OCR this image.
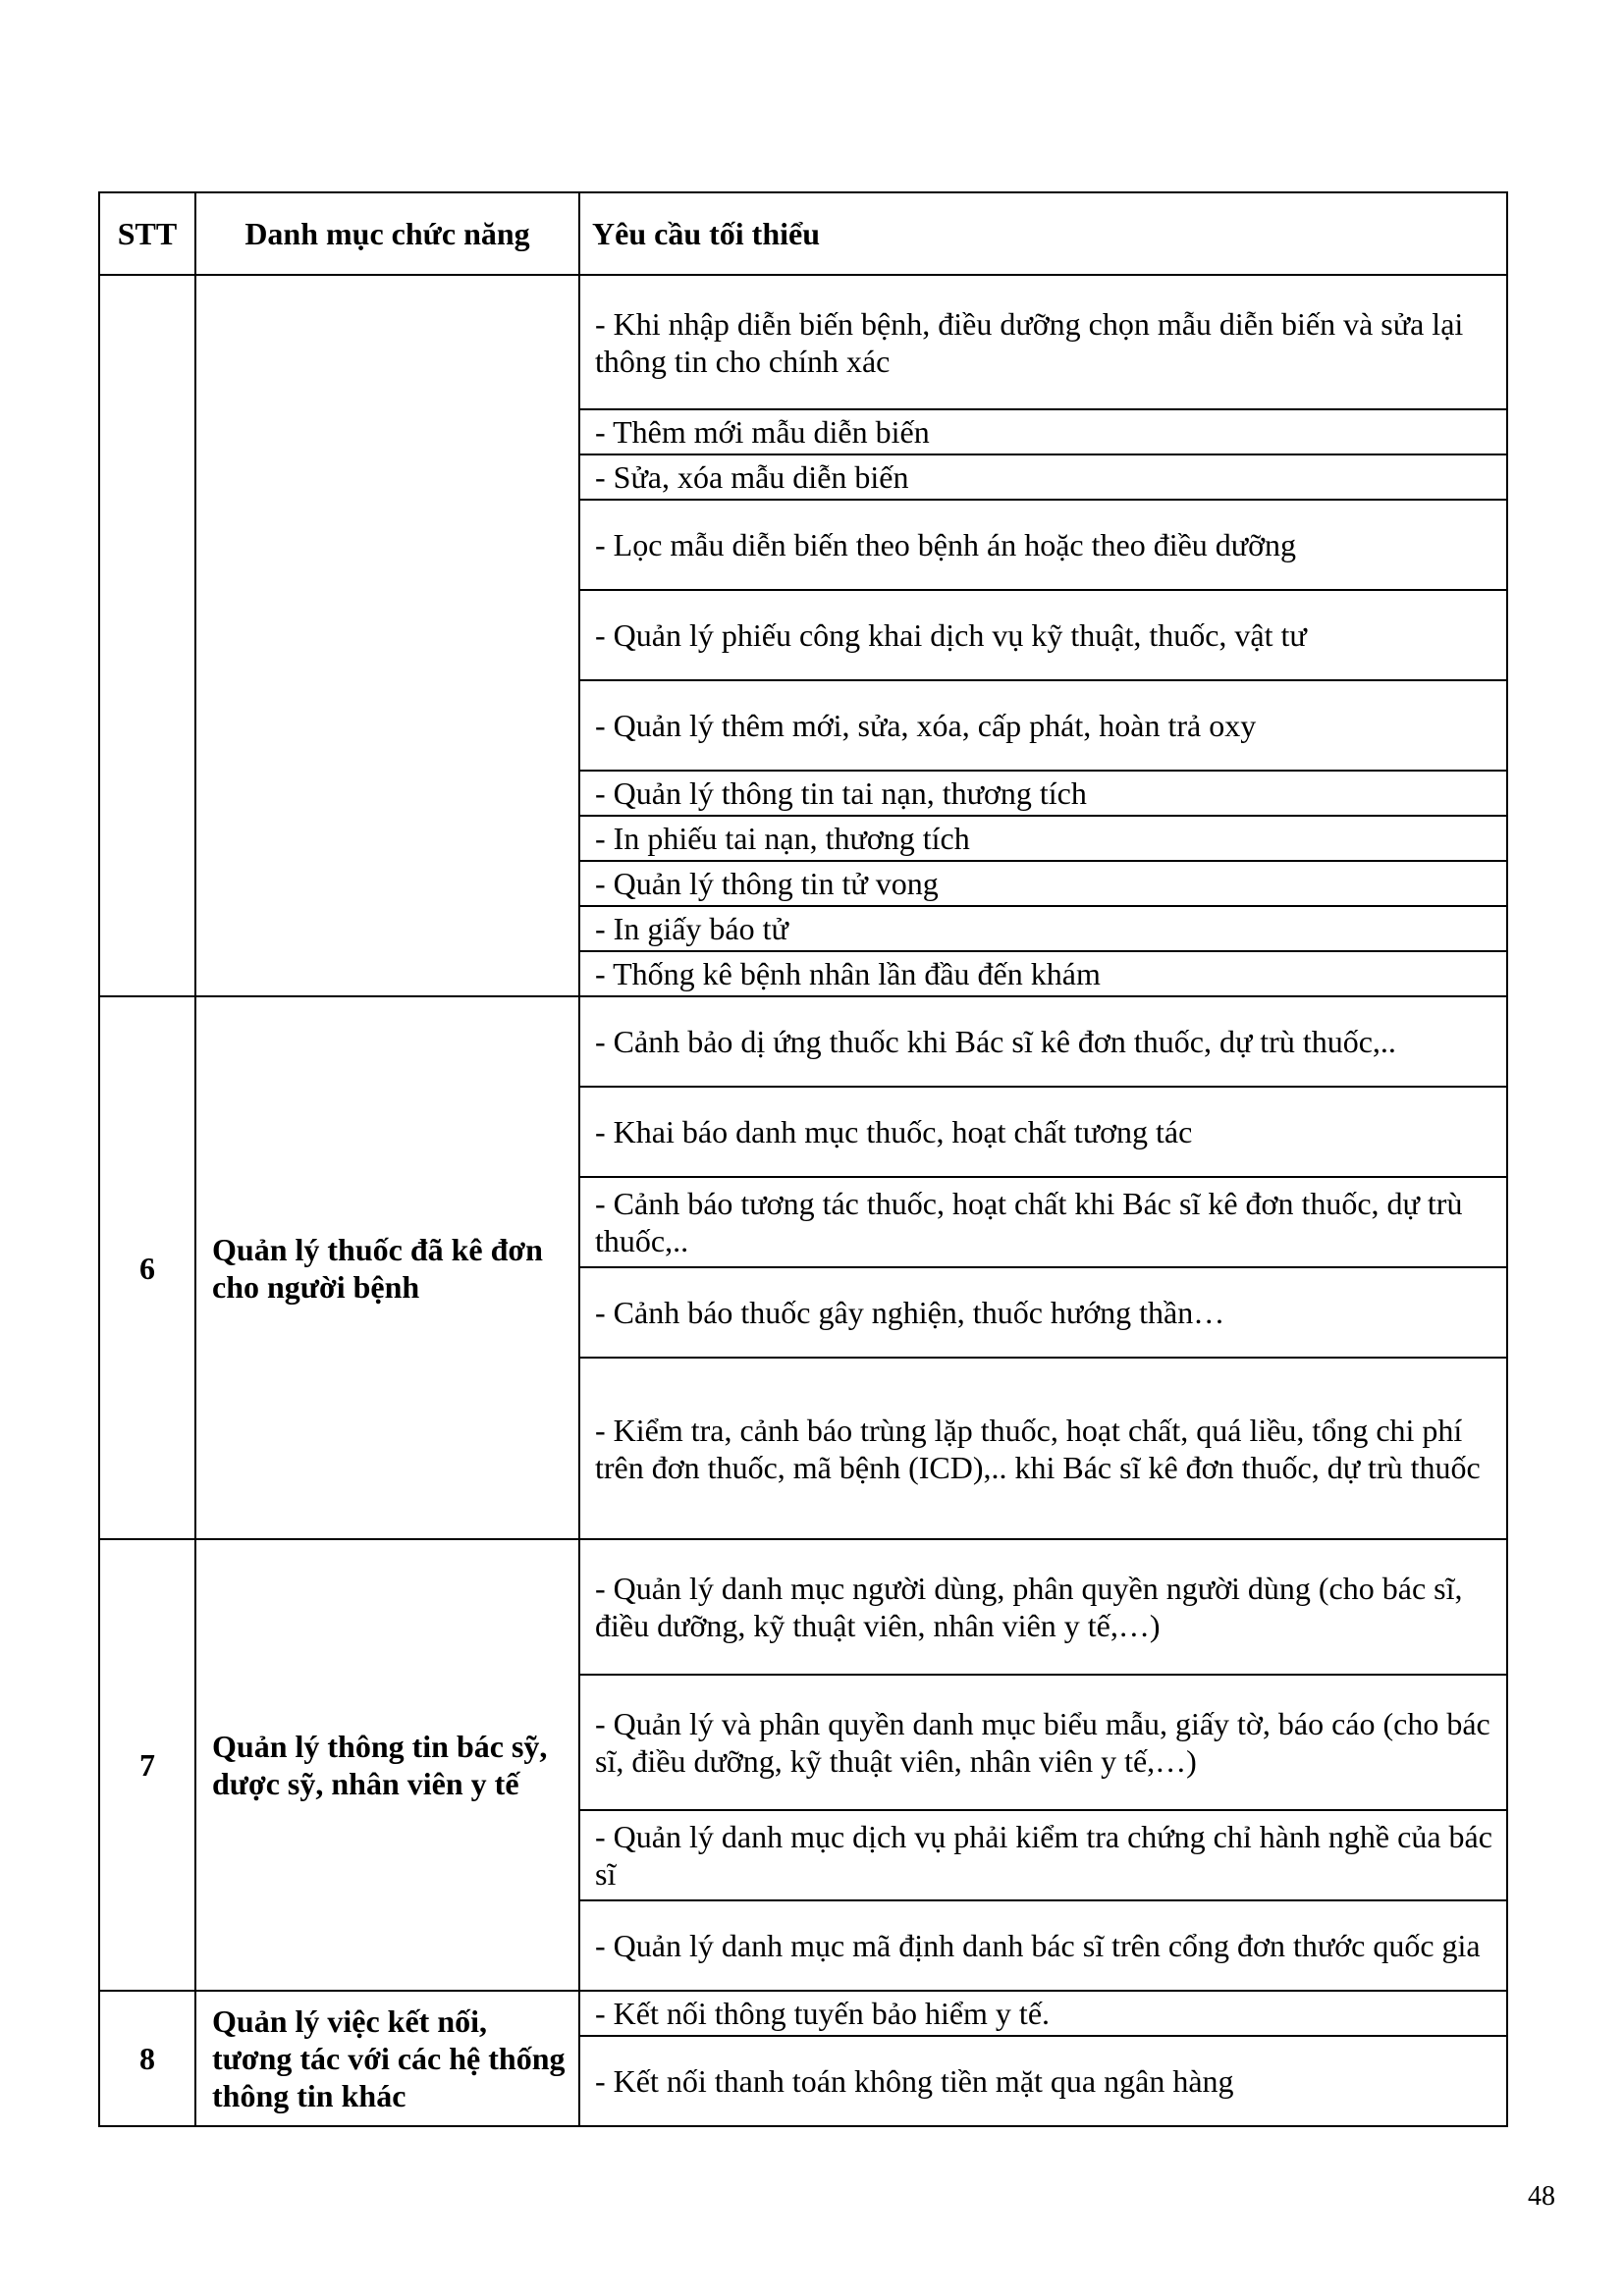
STT	Danh mục chức năng	Yêu cầu tối thiểu
		- Khi nhập diễn biến bệnh, điều dưỡng chọn mẫu diễn biến và sửa lại thông tin cho chính xác
		- Thêm mới mẫu diễn biến
		- Sửa, xóa mẫu diễn biến
		- Lọc mẫu diễn biến theo bệnh án hoặc theo điều dưỡng
		- Quản lý phiếu công khai dịch vụ kỹ thuật, thuốc, vật tư
		- Quản lý thêm mới, sửa, xóa, cấp phát, hoàn trả oxy
		- Quản lý thông tin tai nạn, thương tích
		- In phiếu tai nạn, thương tích
		- Quản lý thông tin tử vong
		- In giấy báo tử
		- Thống kê bệnh nhân lần đầu đến khám
6	Quản lý thuốc đã kê đơn cho người bệnh	- Cảnh bảo dị ứng thuốc khi Bác sĩ kê đơn thuốc, dự trù thuốc,..
		- Khai báo danh mục thuốc, hoạt chất tương tác
		- Cảnh báo tương tác thuốc, hoạt chất khi Bác sĩ kê đơn thuốc, dự trù thuốc,..
		- Cảnh báo thuốc gây nghiện, thuốc hướng thần…
		- Kiểm tra, cảnh báo trùng lặp thuốc, hoạt chất, quá liều, tổng chi phí trên đơn thuốc, mã bệnh (ICD),.. khi Bác sĩ kê đơn thuốc, dự trù thuốc
7	Quản lý thông tin bác sỹ, dược sỹ, nhân viên y tế	- Quản lý danh mục người dùng, phân quyền người dùng (cho bác sĩ, điều dưỡng, kỹ thuật viên, nhân viên y tế,…)
		- Quản lý và phân quyền danh mục biểu mẫu, giấy tờ, báo cáo (cho bác sĩ, điều dưỡng, kỹ thuật viên, nhân viên y tế,…)
		- Quản lý danh mục dịch vụ phải kiểm tra chứng chỉ hành nghề của bác sĩ
		- Quản lý danh mục mã định danh bác sĩ trên cổng đơn thước quốc gia
8	Quản lý việc kết nối, tương tác với các hệ thống thông tin khác	- Kết nối thông tuyến bảo hiểm y tế.
		- Kết nối thanh toán không tiền mặt qua ngân hàng
48
